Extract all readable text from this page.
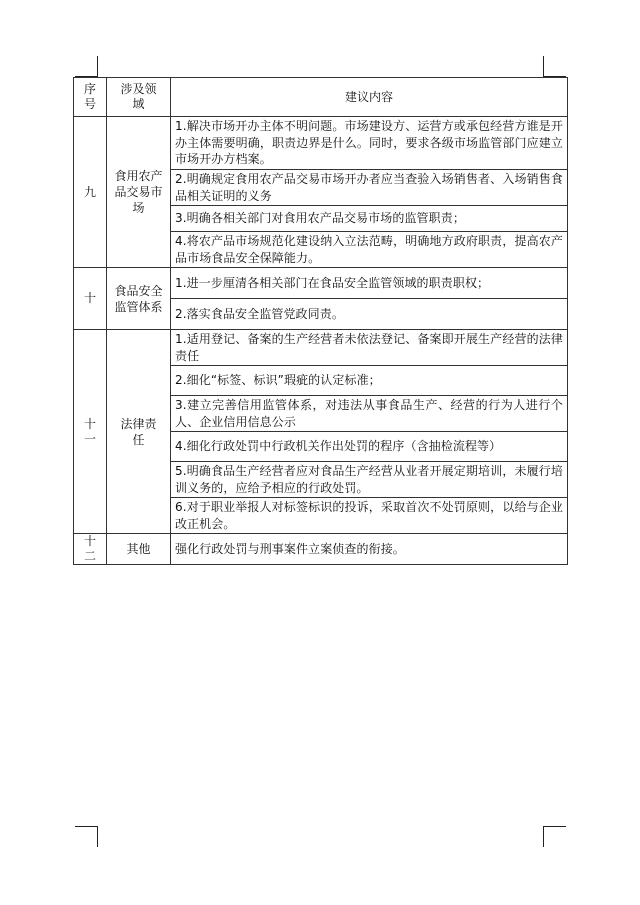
序号	涉及领域	建议内容
九	食用农产品交易市场	1.解决市场开办主体不明问题。市场建设方、运营方或承包经营方谁是开办主体需要明确，职责边界是什么。同时，要求各级市场监管部门应建立市场开办方档案。
		2.明确规定食用农产品交易市场开办者应当查验入场销售者、入场销售食品相关证明的义务
		3.明确各相关部门对食用农产品交易市场的监管职责；
		4.将农产品市场规范化建设纳入立法范畴，明确地方政府职责，提高农产品市场食品安全保障能力。
十	食品安全监管体系	1.进一步厘清各相关部门在食品安全监管领域的职责职权；
		2.落实食品安全监管党政同责。
十一	法律责任	1.适用登记、备案的生产经营者未依法登记、备案即开展生产经营的法律责任
		2.细化“标签、标识”瑕疵的认定标准；
		3.建立完善信用监管体系，对违法从事食品生产、经营的行为人进行个人、企业信用信息公示
		4.细化行政处罚中行政机关作出处罚的程序（含抽检流程等）
		5.明确食品生产经营者应对食品生产经营从业者开展定期培训，未履行培训义务的，应给予相应的行政处罚。
		6.对于职业举报人对标签标识的投诉，采取首次不处罚原则，以给与企业改正机会。
十二	其他	强化行政处罚与刑事案件立案侦查的衔接。
